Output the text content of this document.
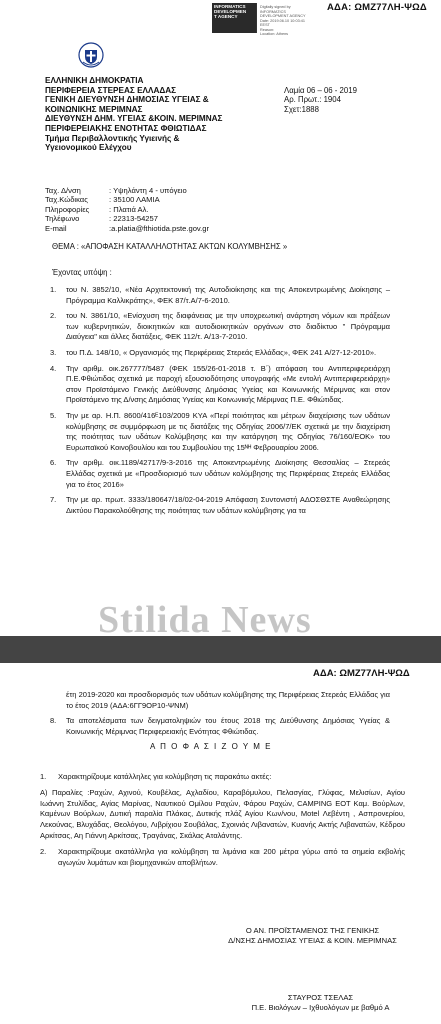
INFORMATICS
DEVELOPMEN
T AGENCY
Digitally signed by
INFORMATICS
DEVELOPMENT AGENCY
Date: 2019.06.10 10:03:41
EEST
Reason:
Location: Athens
ΑΔΑ: ΩΜΖ77ΛΗ-ΨΩΔ
ΕΛΛΗΝΙΚΗ ΔΗΜΟΚΡΑΤΙΑ
ΠΕΡΙΦΕΡΕΙΑ ΣΤΕΡΕΑΣ ΕΛΛΑΔΑΣ
ΓΕΝΙΚΗ ΔΙΕΥΘΥΝΣΗ ΔΗΜΟΣΙΑΣ ΥΓΕΙΑΣ &
ΚΟΙΝΩΝΙΚΗΣ ΜΕΡΙΜΝΑΣ
ΔΙΕΥΘΥΝΣΗ ΔΗΜ. ΥΓΕΙΑΣ &ΚΟΙΝ. ΜΕΡΙΜΝΑΣ
ΠΕΡΙΦΕΡΕΙΑΚΗΣ ΕΝΟΤΗΤΑΣ ΦΘΙΩΤΙΔΑΣ
Τμήμα Περιβαλλοντικής Υγιεινής &
Υγειονομικού Ελέγχου
Λαμία 06 – 06 - 2019
Αρ. Πρωτ.: 1904
Σχετ:1888
Ταχ. Δ/νση	: Υψηλάντη 4 - υπόγειο
Ταχ.Κώδικας	: 35100 ΛΑΜΙΑ
Πληροφορίες	: Πλατιά Αλ.
Τηλέφωνο	: 22313-54257
E-mail	:a.platia@fthiotida.pste.gov.gr
ΘΕΜΑ : «ΑΠΟΦΑΣΗ ΚΑΤΑΛΛΗΛΟΤΗΤΑΣ ΑΚΤΩΝ ΚΟΛΥΜΒΗΣΗΣ »
Έχοντας υπόψη :
1.	του Ν. 3852/10, «Νέα Αρχιτεκτονική της Αυτοδιοίκησης και της Αποκεντρωμένης Διοίκησης – Πρόγραμμα Καλλικράτης», ΦΕΚ 87/τ.Α/7-6-2010.
2.	του Ν. 3861/10, «Ενίσχυση της διαφάνειας με την υποχρεωτική ανάρτηση νόμων και πράξεων των κυβερνητικών, διοικητικών και αυτοδιοικητικών οργάνων στο διαδίκτυο " Πρόγραμμα Διαύγεια" και άλλες διατάξεις, ΦΕΚ 112/τ. Α/13-7-2010.
3.	του Π.Δ. 148/10, « Οργανισμός της Περιφέρειας Στερεάς Ελλάδας», ΦΕΚ 241 Α/27-12-2010».
4.	Την αριθμ. οικ.267777/5487 (ΦΕΚ 155/26-01-2018 τ. Β΄) απόφαση του Αντιπεριφερειάρχη Π.Ε.Φθιώτιδας σχετικά με παροχή εξουσιοδότησης υπογραφής «Με εντολή Αντιπεριφερειάρχη» στον Προϊστάμενο Γενικής Διεύθυνσης Δημόσιας Υγείας και Κοινωνικής Μέριμνας και στον Προϊστάμενο της Δ/νσης Δημόσιας Υγείας και Κοινωνικής Μέριμνας Π.Ε. Φθιώτιδας.
5.	Την με αρ. Η.Π. 8600/416ᴱ103/2009 ΚΥΑ «Περί ποιότητας και μέτρων διαχείρισης των υδάτων κολύμβησης σε συμμόρφωση με τις διατάξεις της Οδηγίας 2006/7/ΕΚ σχετικά με την διαχείριση της ποιότητας των υδάτων Κολύμβησης και την κατάργηση της Οδηγίας 76/160/ΕΟΚ» του Ευρωπαϊκού Κοινοβουλίου και του Συμβουλίου της 15ᴺᴴ Φεβρουαρίου 2006.
6.	Την αριθμ. οικ.1189/42717/9-3-2016 της Αποκεντρωμένης Διοίκησης Θεσσαλίας – Στερεάς Ελλάδας σχετικά με «Προσδιορισμό των υδάτων κολύμβησης της Περιφέρειας Στερεάς Ελλάδας για το έτος 2016»
7.	Την με αρ. πρωτ. 3333/180647/18/02-04-2019 Απόφαση Συντονιστή ΑΔΟΣΘΣΤΕ Αναθεώρησης Δικτύου Παρακολούθησης της ποιότητας των υδάτων κολύμβησης για τα
Stilida News
ΑΔΑ: ΩΜΖ77ΛΗ-ΨΩΔ
έτη 2019-2020 και προσδιορισμός των υδάτων κολύμβησης της Περιφέρειας Στερεάς Ελλάδας για το έτος 2019 (ΑΔΑ:6ΓΓ9ΟΡ10-ΨΝΜ)
8.	Τα αποτελέσματα των δειγματοληψιών του έτους 2018 της Διεύθυνσης Δημόσιας Υγείας & Κοινωνικής Μέριμνας Περιφερειακής Ενότητας Φθιώτιδας.
Α Π Ο Φ Α Σ Ι Ζ Ο Υ Μ Ε
1.	Χαρακτηρίζουμε κατάλληλες για κολύμβηση τις παρακάτω ακτές:
Α) Παραλίες :Ραχών, Αχινού, Κουβέλας, Αχλαδίου, Καραβόμυλου, Πελασγίας, Γλύφας, Μελισίων, Αγίου Ιωάννη Στυλίδας, Αγίας Μαρίνας, Ναυτικού Ομίλου Ραχών, Φάρου Ραχών, CAMPING ΕΟΤ Καμ. Βούρλων, Καμένων Βούρλων, Δυτική παραλία Πλάκας, Δυτικής πλάζ Αγίου Κων/νου, Motel Λεβέντη , Ασπρονερίου, Λεκούνας, Βλυχάδας, Θεολόγου, Λιβρίχιου Σουβάλας, Σχοινιάς Λιβανατών, Κυανής Ακτής Λιβανατών, Κέδρου Αρκίτσας, Αη Γιάννη Αρκίτσας, Τραγάνας, Σκάλας Αταλάντης.
2.	Χαρακτηρίζουμε ακατάλληλα για κολύμβηση τα λιμάνια και 200 μέτρα γύρω από τα σημεία εκβολής αγωγών λυμάτων και βιομηχανικών αποβλήτων.
Ο ΑΝ. ΠΡΟΪΣΤΑΜΕΝΟΣ ΤΗΣ ΓΕΝΙΚΗΣ
Δ/ΝΣΗΣ ΔΗΜΟΣΙΑΣ ΥΓΕΙΑΣ & ΚΟΙΝ. ΜΕΡΙΜΝΑΣ
ΣΤΑΥΡΟΣ ΤΣΕΛΑΣ
Π.Ε. Βιολόγων – Ιχθυολόγων με βαθμό Α
